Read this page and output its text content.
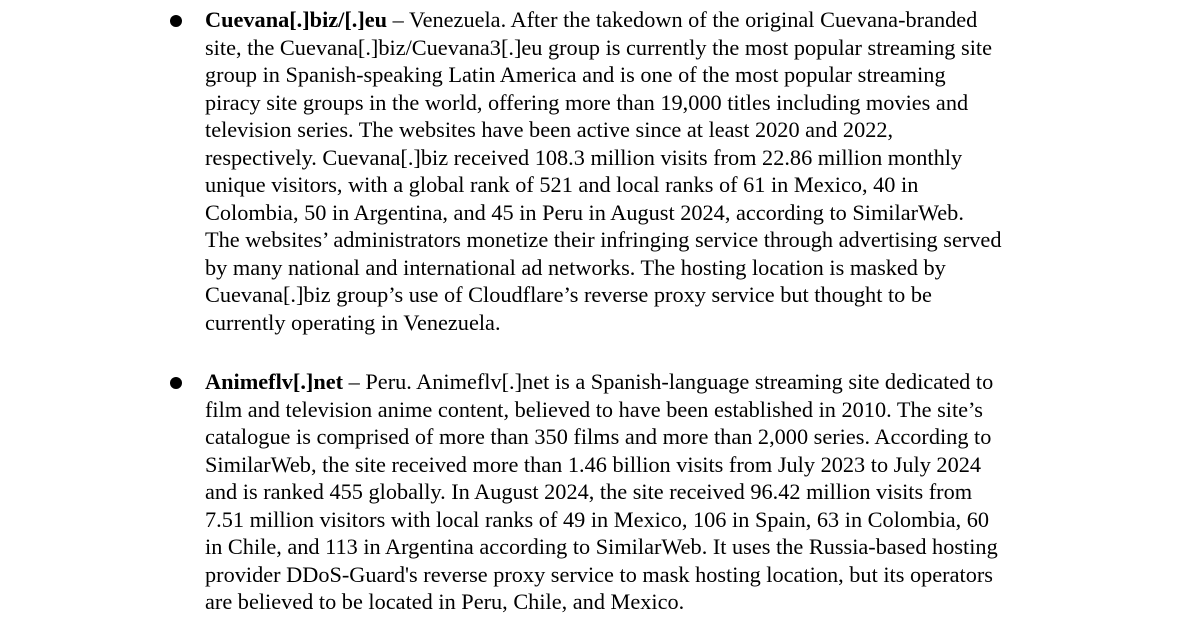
Cuevana[.]biz/[.]eu – Venezuela. After the takedown of the original Cuevana-branded
site, the Cuevana[.]biz/Cuevana3[.]eu group is currently the most popular streaming site
group in Spanish-speaking Latin America and is one of the most popular streaming
piracy site groups in the world, offering more than 19,000 titles including movies and
television series. The websites have been active since at least 2020 and 2022,
respectively. Cuevana[.]biz received 108.3 million visits from 22.86 million monthly
unique visitors, with a global rank of 521 and local ranks of 61 in Mexico, 40 in
Colombia, 50 in Argentina, and 45 in Peru in August 2024, according to SimilarWeb.
The websites’ administrators monetize their infringing service through advertising served
by many national and international ad networks. The hosting location is masked by
Cuevana[.]biz group’s use of Cloudflare’s reverse proxy service but thought to be
currently operating in Venezuela.

Animeflv[.]net – Peru. Animeflv[.]net is a Spanish-language streaming site dedicated to
film and television anime content, believed to have been established in 2010. The site’s
catalogue is comprised of more than 350 films and more than 2,000 series. According to
SimilarWeb, the site received more than 1.46 billion visits from July 2023 to July 2024
and is ranked 455 globally. In August 2024, the site received 96.42 million visits from
7.51 million visitors with local ranks of 49 in Mexico, 106 in Spain, 63 in Colombia, 60
in Chile, and 113 in Argentina according to SimilarWeb. It uses the Russia-based hosting
provider DDoS-Guard's reverse proxy service to mask hosting location, but its operators
are believed to be located in Peru, Chile, and Mexico.
